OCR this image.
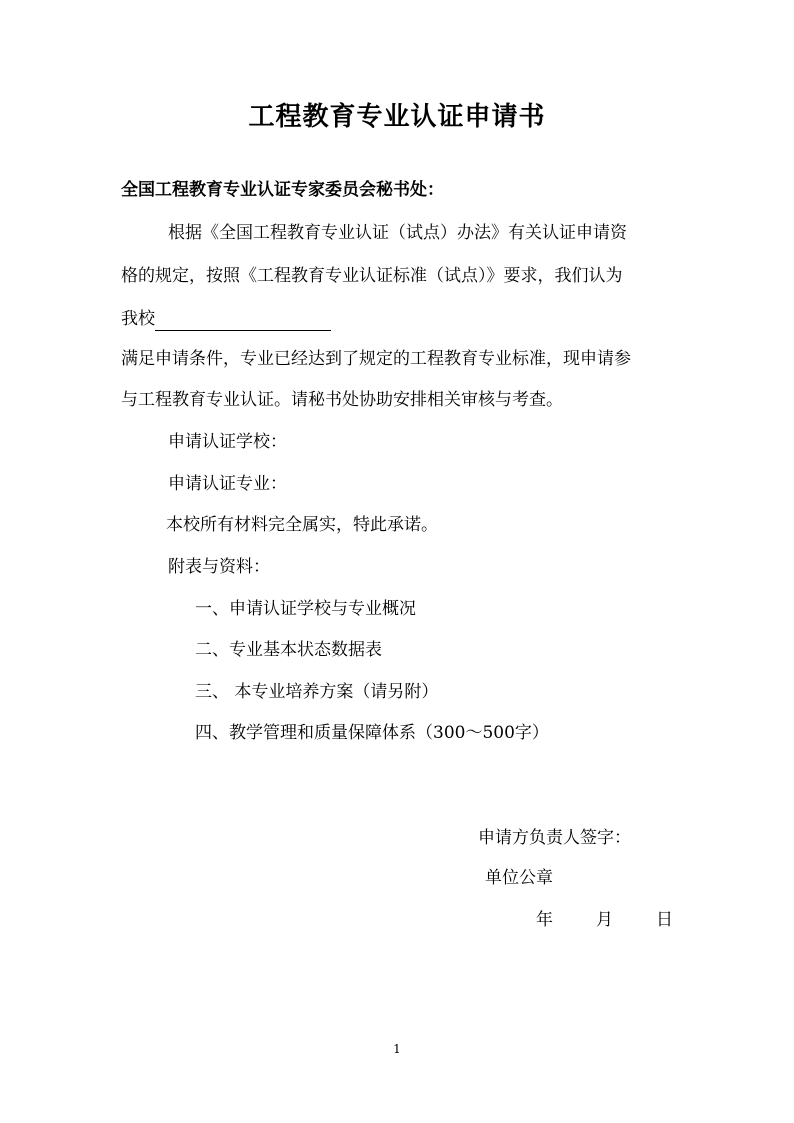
工程教育专业认证申请书
全国工程教育专业认证专家委员会秘书处：
根据《全国工程教育专业认证（试点）办法》有关认证申请资
格的规定，按照《工程教育专业认证标准（试点）》要求，我们认为
我校
满足申请条件，专业已经达到了规定的工程教育专业标准，现申请参
与工程教育专业认证。请秘书处协助安排相关审核与考查。
申请认证学校：
申请认证专业：
本校所有材料完全属实，特此承诺。
附表与资料：
一、申请认证学校与专业概况
二、专业基本状态数据表
三、 本专业培养方案（请另附）
四、教学管理和质量保障体系（300～500字）
申请方负责人签字：
单位公章
年	月	日
1
